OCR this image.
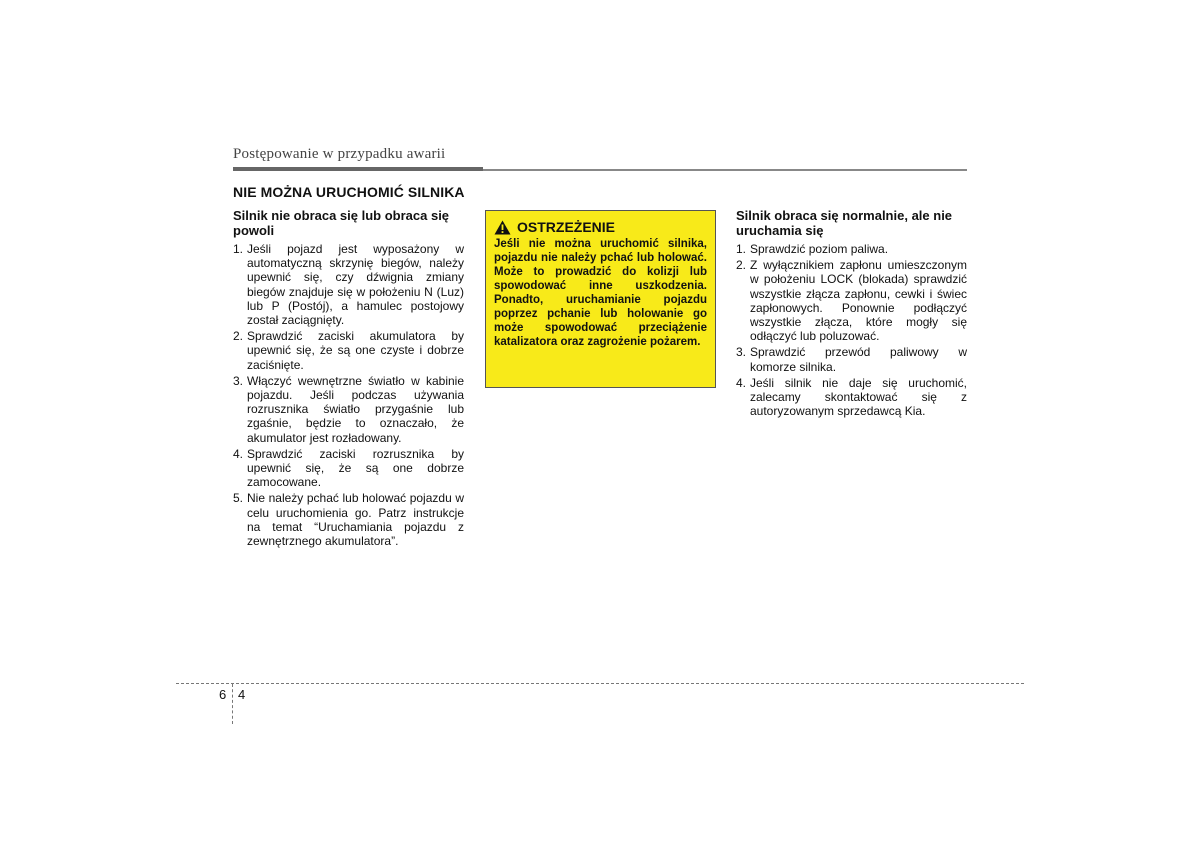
Postępowanie w przypadku awarii
NIE MOŻNA URUCHOMIĆ SILNIKA
Silnik nie obraca się lub obraca się powoli
1. Jeśli pojazd jest wyposażony w automatyczną skrzynię biegów, należy upewnić się, czy dźwignia zmiany biegów znajduje się w położeniu N (Luz) lub P (Postój), a hamulec postojowy został zaciągnięty.
2. Sprawdzić zaciski akumulatora by upewnić się, że są one czyste i dobrze zaciśnięte.
3. Włączyć wewnętrzne światło w kabinie pojazdu. Jeśli podczas używania rozrusznika światło przygaśnie lub zgaśnie, będzie to oznaczało, że akumulator jest rozładowany.
4. Sprawdzić zaciski rozrusznika by upewnić się, że są one dobrze zamocowane.
5. Nie należy pchać lub holować pojazdu w celu uruchomienia go. Patrz instrukcje na temat “Uruchamiania pojazdu z zewnętrznego akumulatora”.
OSTRZEŻENIE
Jeśli nie można uruchomić silnika, pojazdu nie należy pchać lub holować. Może to prowadzić do kolizji lub spowodować inne uszkodzenia. Ponadto, uruchamianie pojazdu poprzez pchanie lub holowanie go może spowodować przeciążenie katalizatora oraz zagrożenie pożarem.
Silnik obraca się normalnie, ale nie uruchamia się
1. Sprawdzić poziom paliwa.
2. Z wyłącznikiem zapłonu umieszczonym w położeniu LOCK (blokada) sprawdzić wszystkie złącza zapłonu, cewki i świec zapłonowych. Ponownie podłączyć wszystkie złącza, które mogły się odłączyć lub poluzować.
3. Sprawdzić przewód paliwowy w komorze silnika.
4. Jeśli silnik nie daje się uruchomić, zalecamy skontaktować się z autoryzowanym sprzedawcą Kia.
6 4
